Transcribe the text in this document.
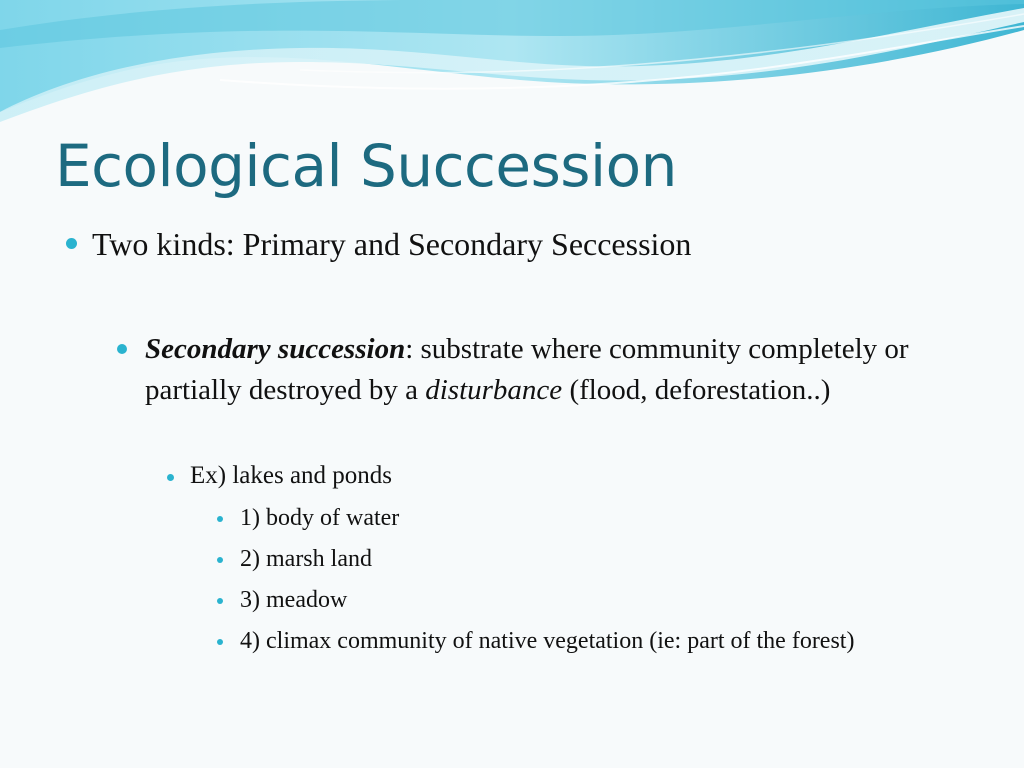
Ecological Succession

Two kinds: Primary and Secondary Seccession

Secondary succession: substrate where community completely or partially destroyed by a disturbance (flood, deforestation..)

Ex) lakes and ponds

1) body of water

2) marsh land

3) meadow

4) climax community of native vegetation (ie: part of the forest)
